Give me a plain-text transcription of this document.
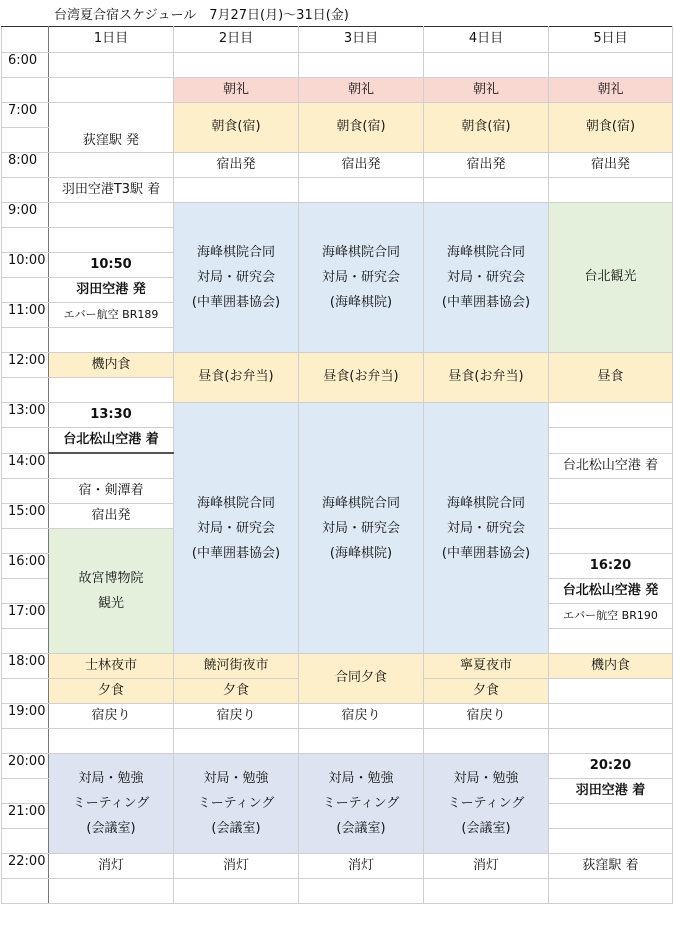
台湾夏合宿スケジュール　7月27日(月)～31日(金)
	1日目	2日目	3日目	4日目	5日目
6:00					
		朝礼	朝礼	朝礼	朝礼
7:00	荻窪駅 発	朝食(宿)	朝食(宿)	朝食(宿)	朝食(宿)

8:00		宿出発	宿出発	宿出発	宿出発
	羽田空港T3駅 着				
9:00		海峰棋院合同
対局・研究会
(中華囲碁協会)	海峰棋院合同
対局・研究会
(海峰棋院)	海峰棋院合同
対局・研究会
(中華囲碁協会)	台北観光

10:00	10:50				
	羽田空港 発				
11:00	エバー航空 BR189				

12:00	機内食	昼食(お弁当)	昼食(お弁当)	昼食(お弁当)	昼食

13:00	13:30	海峰棋院合同
対局・研究会
(中華囲碁協会)	海峰棋院合同
対局・研究会
(海峰棋院)	海峰棋院合同
対局・研究会
(中華囲碁協会)	

	台北松山空港 着				
14:00					台北松山空港 着
	宿・剣潭着				
15:00	宿出発				

	故宮博物院
観光				

16:00					16:20
					台北松山空港 発
17:00					エバー航空 BR190

18:00	士林夜市	饒河街夜市	合同夕食	寧夏夜市	機内食
	夕食	夕食		夕食	
19:00	宿戻り	宿戻り	宿戻り	宿戻り	

20:00	対局・勉強
ミーティング
(会議室)	対局・勉強
ミーティング
(会議室)	対局・勉強
ミーティング
(会議室)	対局・勉強
ミーティング
(会議室)	20:20
					羽田空港 着
21:00					

22:00	消灯	消灯	消灯	消灯	荻窪駅 着
